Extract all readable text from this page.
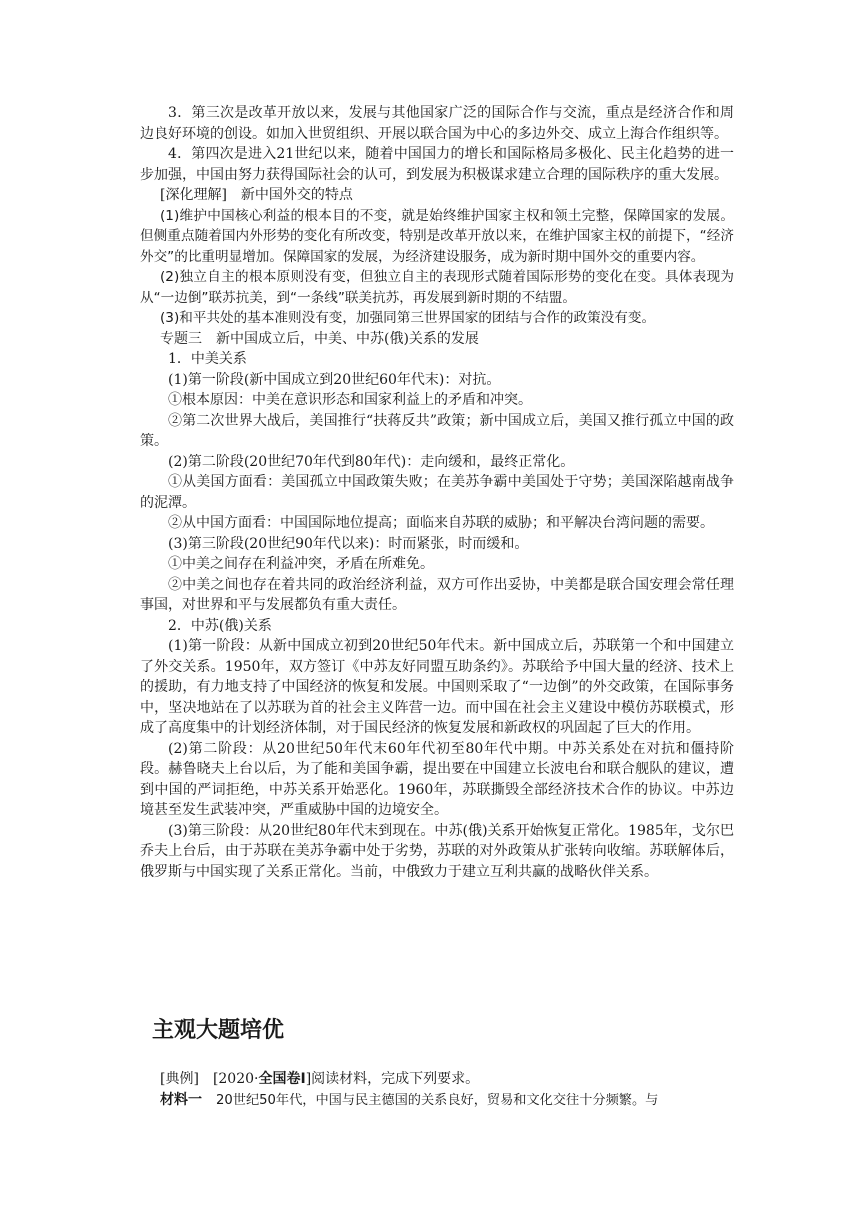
3．第三次是改革开放以来，发展与其他国家广泛的国际合作与交流，重点是经济合作和周边良好环境的创设。如加入世贸组织、开展以联合国为中心的多边外交、成立上海合作组织等。

4．第四次是进入21世纪以来，随着中国国力的增长和国际格局多极化、民主化趋势的进一步加强，中国由努力获得国际社会的认可，到发展为积极谋求建立合理的国际秩序的重大发展。

[深化理解]　新中国外交的特点

(1)维护中国核心利益的根本目的不变，就是始终维护国家主权和领土完整，保障国家的发展。但侧重点随着国内外形势的变化有所改变，特别是改革开放以来，在维护国家主权的前提下，“经济外交”的比重明显增加。保障国家的发展，为经济建设服务，成为新时期中国外交的重要内容。

(2)独立自主的根本原则没有变，但独立自主的表现形式随着国际形势的变化在变。具体表现为从“一边倒”联苏抗美，到“一条线”联美抗苏，再发展到新时期的不结盟。

(3)和平共处的基本准则没有变，加强同第三世界国家的团结与合作的政策没有变。

专题三　新中国成立后，中美、中苏(俄)关系的发展

1．中美关系

(1)第一阶段(新中国成立到20世纪60年代末)：对抗。

①根本原因：中美在意识形态和国家利益上的矛盾和冲突。

②第二次世界大战后，美国推行“扶蒋反共”政策；新中国成立后，美国又推行孤立中国的政策。

(2)第二阶段(20世纪70年代到80年代)：走向缓和，最终正常化。

①从美国方面看：美国孤立中国政策失败；在美苏争霸中美国处于守势；美国深陷越南战争的泥潭。

②从中国方面看：中国国际地位提高；面临来自苏联的威胁；和平解决台湾问题的需要。

(3)第三阶段(20世纪90年代以来)：时而紧张，时而缓和。

①中美之间存在利益冲突，矛盾在所难免。

②中美之间也存在着共同的政治经济利益，双方可作出妥协，中美都是联合国安理会常任理事国，对世界和平与发展都负有重大责任。

2．中苏(俄)关系

(1)第一阶段：从新中国成立初到20世纪50年代末。新中国成立后，苏联第一个和中国建立了外交关系。1950年，双方签订《中苏友好同盟互助条约》。苏联给予中国大量的经济、技术上的援助，有力地支持了中国经济的恢复和发展。中国则采取了“一边倒”的外交政策，在国际事务中，坚决地站在了以苏联为首的社会主义阵营一边。而中国在社会主义建设中模仿苏联模式，形成了高度集中的计划经济体制，对于国民经济的恢复发展和新政权的巩固起了巨大的作用。

(2)第二阶段：从20世纪50年代末60年代初至80年代中期。中苏关系处在对抗和僵持阶段。赫鲁晓夫上台以后，为了能和美国争霸，提出要在中国建立长波电台和联合舰队的建议，遭到中国的严词拒绝，中苏关系开始恶化。1960年，苏联撕毁全部经济技术合作的协议。中苏边境甚至发生武装冲突，严重威胁中国的边境安全。

(3)第三阶段：从20世纪80年代末到现在。中苏(俄)关系开始恢复正常化。1985年，戈尔巴乔夫上台后，由于苏联在美苏争霸中处于劣势，苏联的对外政策从扩张转向收缩。苏联解体后，俄罗斯与中国实现了关系正常化。当前，中俄致力于建立互利共赢的战略伙伴关系。

主观大题培优

[典例]　 [2020·全国卷Ⅰ]阅读材料，完成下列要求。

材料一　 20世纪50年代，中国与民主德国的关系良好，贸易和文化交往十分频繁。与
